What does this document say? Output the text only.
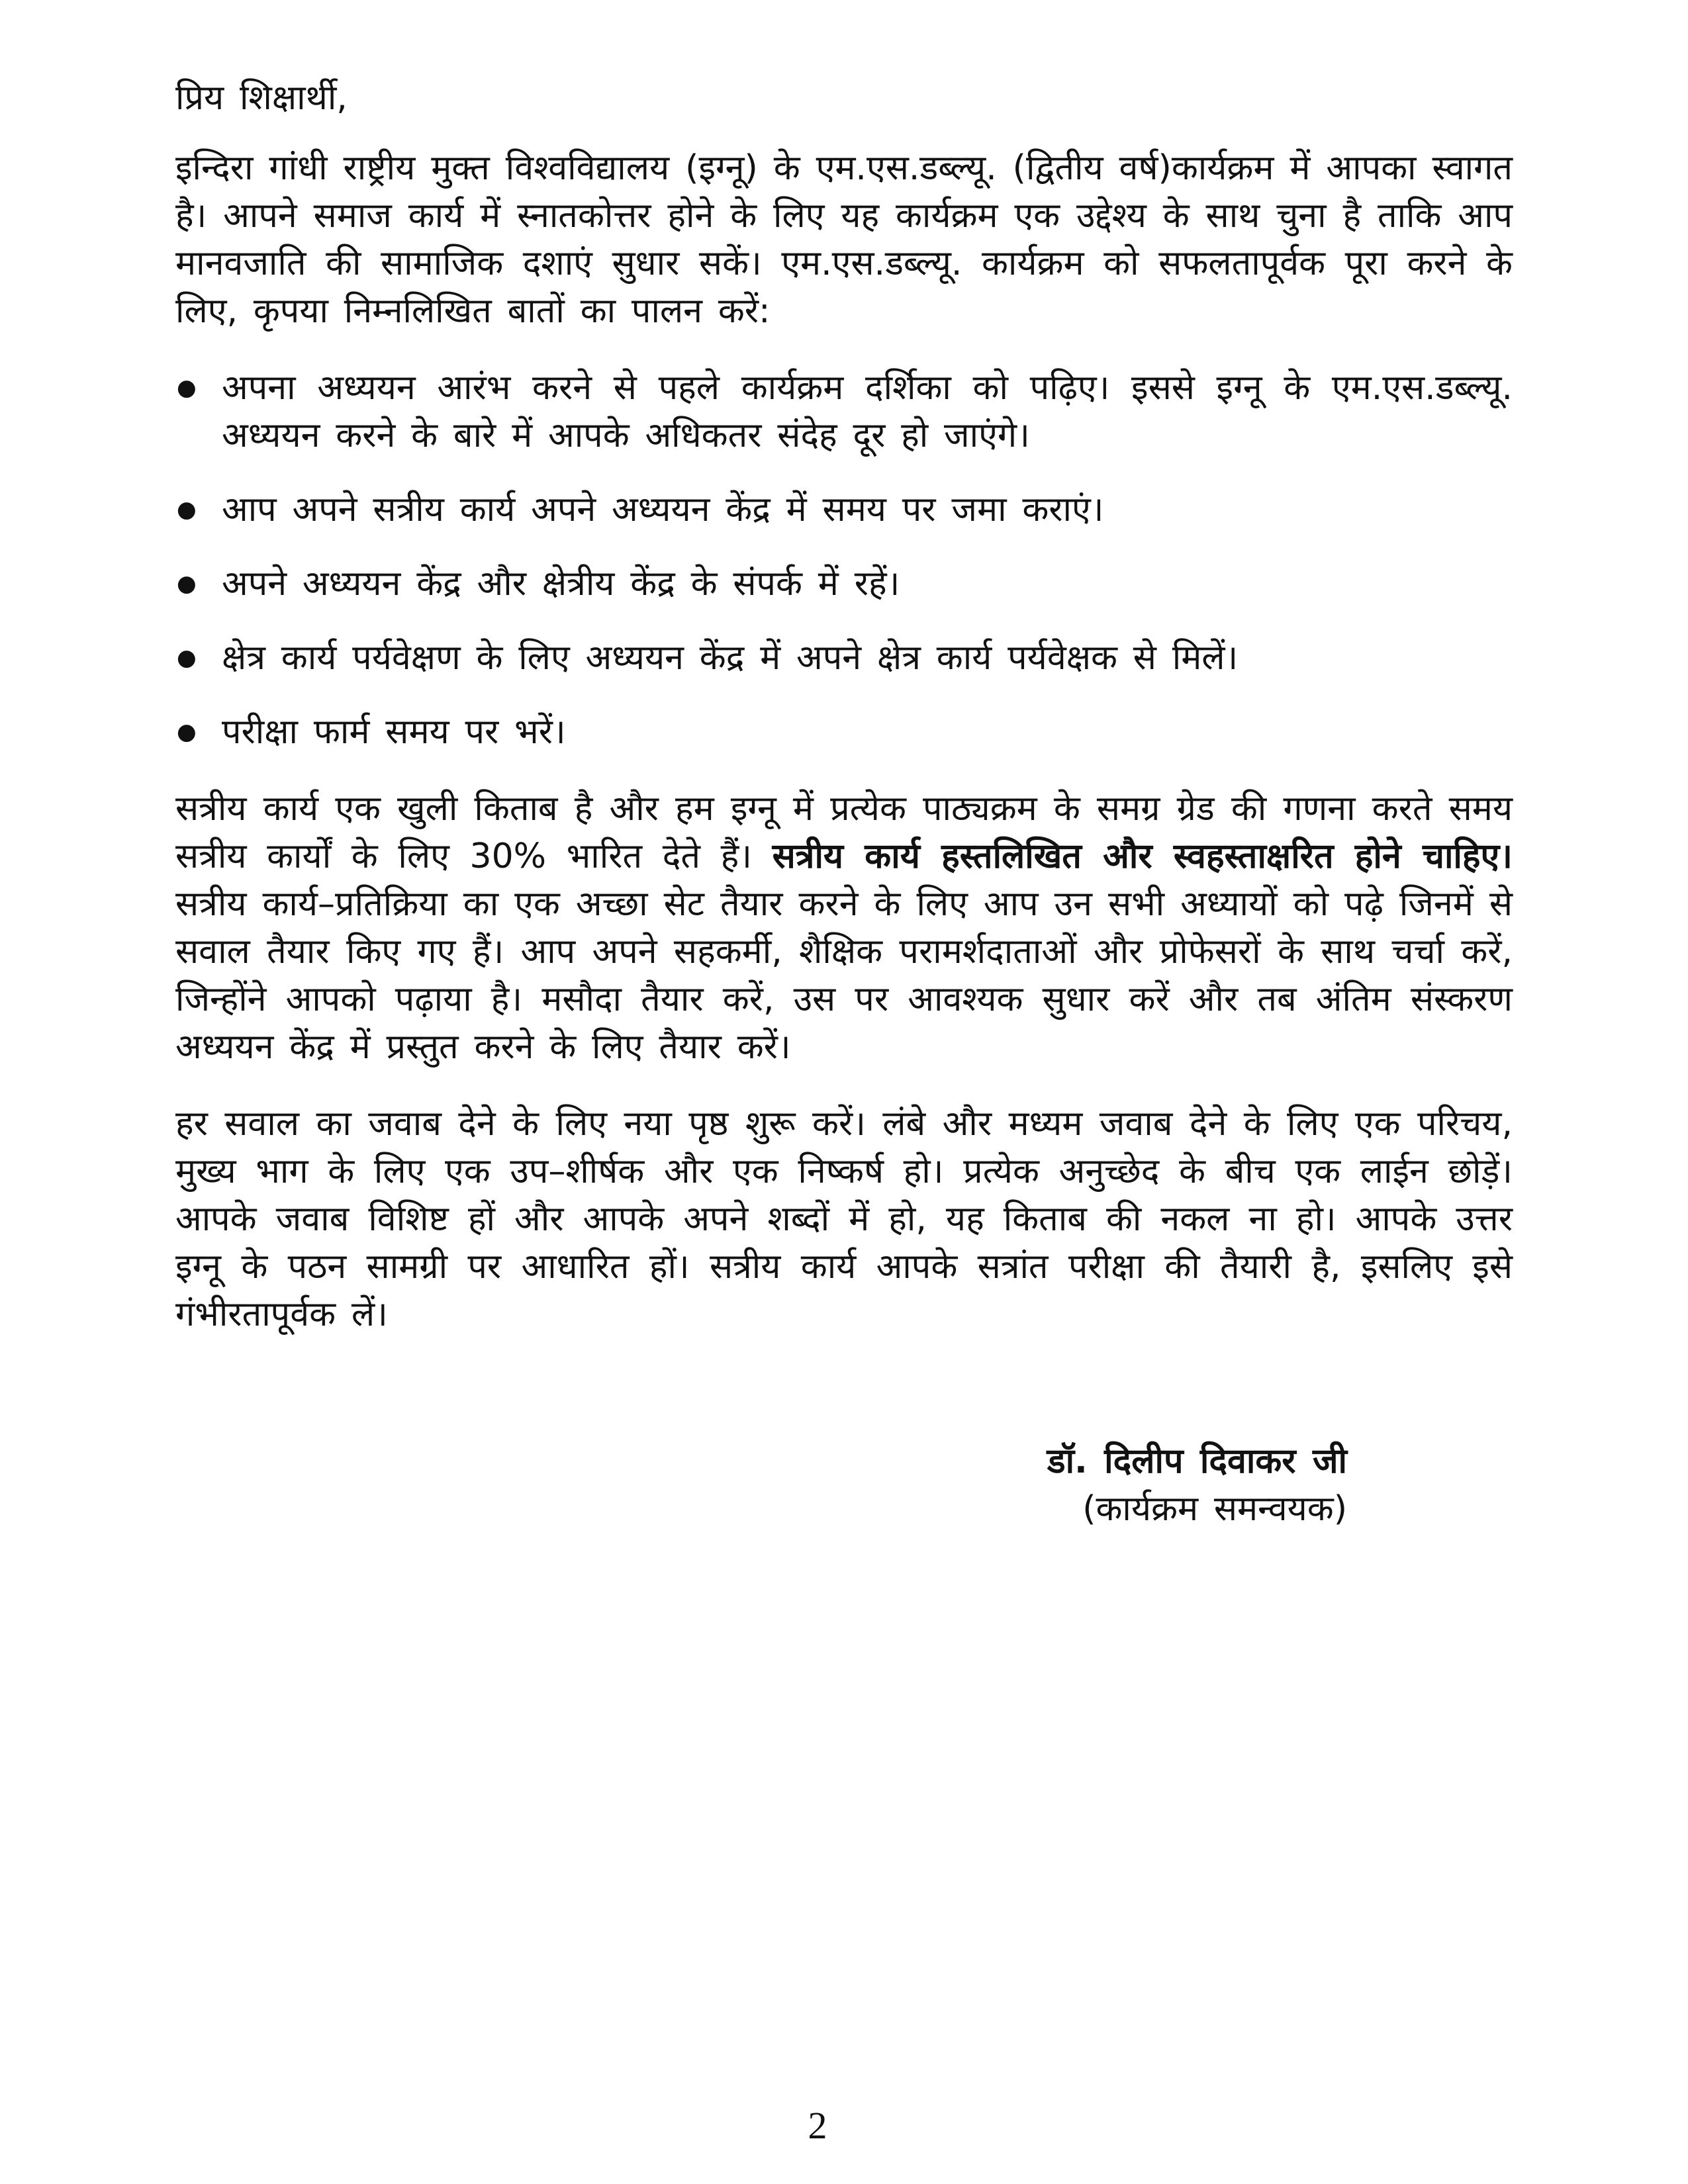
प्रिय शिक्षार्थी,

इन्दिरा गांधी राष्ट्रीय मुक्त विश्वविद्यालय (इग्नू) के एम.एस.डब्ल्यू. (द्वितीय वर्ष)कार्यक्रम में आपका स्वागत है। आपने समाज कार्य में स्नातकोत्तर होने के लिए यह कार्यक्रम एक उद्देश्य के साथ चुना है ताकि आप मानवजाति की सामाजिक दशाएं सुधार सकें। एम.एस.डब्ल्यू. कार्यक्रम को सफलतापूर्वक पूरा करने के लिए, कृपया निम्नलिखित बातों का पालन करें:

● अपना अध्ययन आरंभ करने से पहले कार्यक्रम दर्शिका को पढ़िए। इससे इग्नू के एम.एस.डब्ल्यू. अध्ययन करने के बारे में आपके अधिकतर संदेह दूर हो जाएंगे।
● आप अपने सत्रीय कार्य अपने अध्ययन केंद्र में समय पर जमा कराएं।
● अपने अध्ययन केंद्र और क्षेत्रीय केंद्र के संपर्क में रहें।
● क्षेत्र कार्य पर्यवेक्षण के लिए अध्ययन केंद्र में अपने क्षेत्र कार्य पर्यवेक्षक से मिलें।
● परीक्षा फार्म समय पर भरें।

सत्रीय कार्य एक खुली किताब है और हम इग्नू में प्रत्येक पाठ्यक्रम के समग्र ग्रेड की गणना करते समय सत्रीय कार्यों के लिए 30% भारित देते हैं। सत्रीय कार्य हस्तलिखित और स्वहस्ताक्षरित होने चाहिए। सत्रीय कार्य–प्रतिक्रिया का एक अच्छा सेट तैयार करने के लिए आप उन सभी अध्यायों को पढ़े जिनमें से सवाल तैयार किए गए हैं। आप अपने सहकर्मी, शैक्षिक परामर्शदाताओं और प्रोफेसरों के साथ चर्चा करें, जिन्होंने आपको पढ़ाया है। मसौदा तैयार करें, उस पर आवश्यक सुधार करें और तब अंतिम संस्करण अध्ययन केंद्र में प्रस्तुत करने के लिए तैयार करें।

हर सवाल का जवाब देने के लिए नया पृष्ठ शुरू करें। लंबे और मध्यम जवाब देने के लिए एक परिचय, मुख्य भाग के लिए एक उप–शीर्षक और एक निष्कर्ष हो। प्रत्येक अनुच्छेद के बीच एक लाईन छोड़ें। आपके जवाब विशिष्ट हों और आपके अपने शब्दों में हो, यह किताब की नकल ना हो। आपके उत्तर इग्नू के पठन सामग्री पर आधारित हों। सत्रीय कार्य आपके सत्रांत परीक्षा की तैयारी है, इसलिए इसे गंभीरतापूर्वक लें।

डॉ. दिलीप दिवाकर जी
(कार्यक्रम समन्वयक)
2
